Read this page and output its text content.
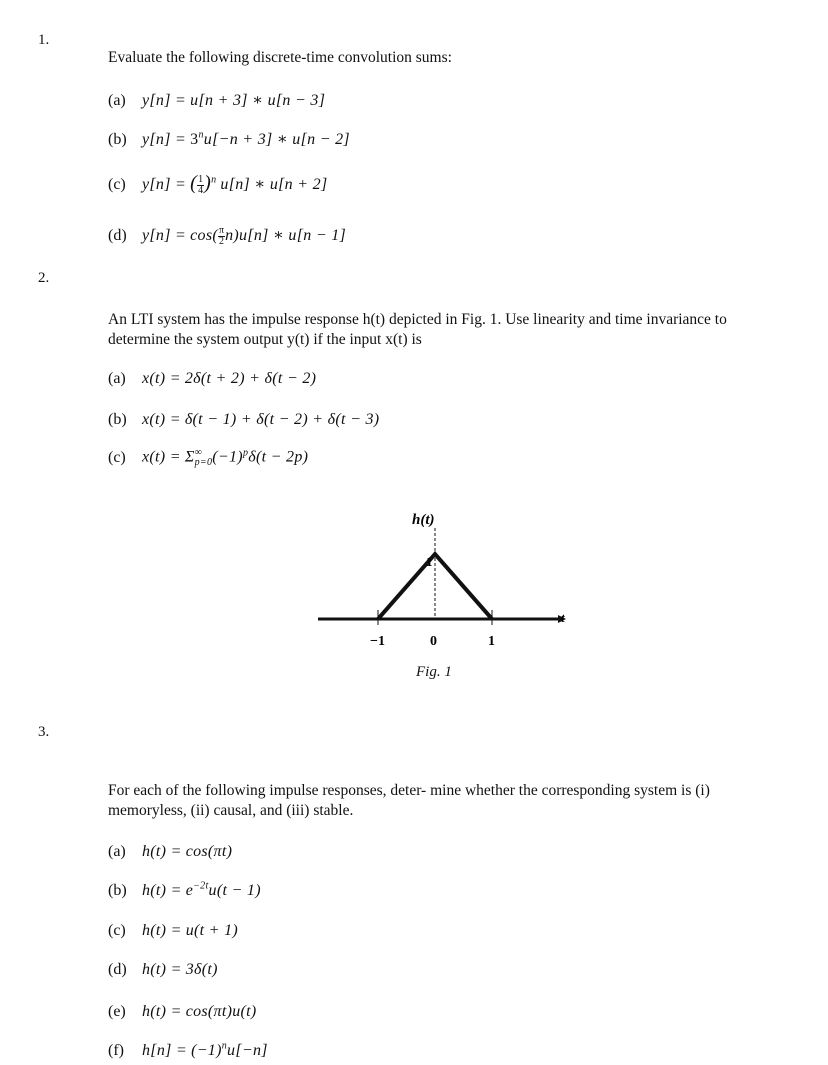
1.
Evaluate the following discrete-time convolution sums:
(a) y[n] = u[n + 3] ∗ u[n − 3]
(b) $y[n] = 3^nu[-n + 3]$ ∗ u[n − 2]
(c) y[n] = ( $\frac{1}{4} )^n$ u[n] ∗ u[n + 2]
(d) $y[n] = \cos( \frac{\pi}{2} n)u[n]$ ∗ u[n − 1]
2.
An LTI system has the impulse response h(t) depicted in Fig. 1. Use linearity and time invariance to determine the system output y(t) if the input x(t) is
(a) x(t) = 2δ(t + 2) + δ(t − 2)
(b) x(t) = δ(t − 1) + δ(t − 2) + δ(t − 3)
(c) x(t) = Σ ∞
p=0 $(-1)^p\delta(t - 2p)$
h(t)
t
1
−1	0	1
Fig. 1
3.
For each of the following impulse responses, deter- mine whether the corresponding system is (i) memoryless, (ii) causal, and (iii) stable.
(a) h(t) = cos(πt)
(b) $h(t) = e^{-2t}u(t - 1)$
(c) h(t) = u(t + 1)
(d) h(t) = 3δ(t)
(e) h(t) = cos(πt)u(t)
(f) $h[n] = (-1)^nu[-n]$
